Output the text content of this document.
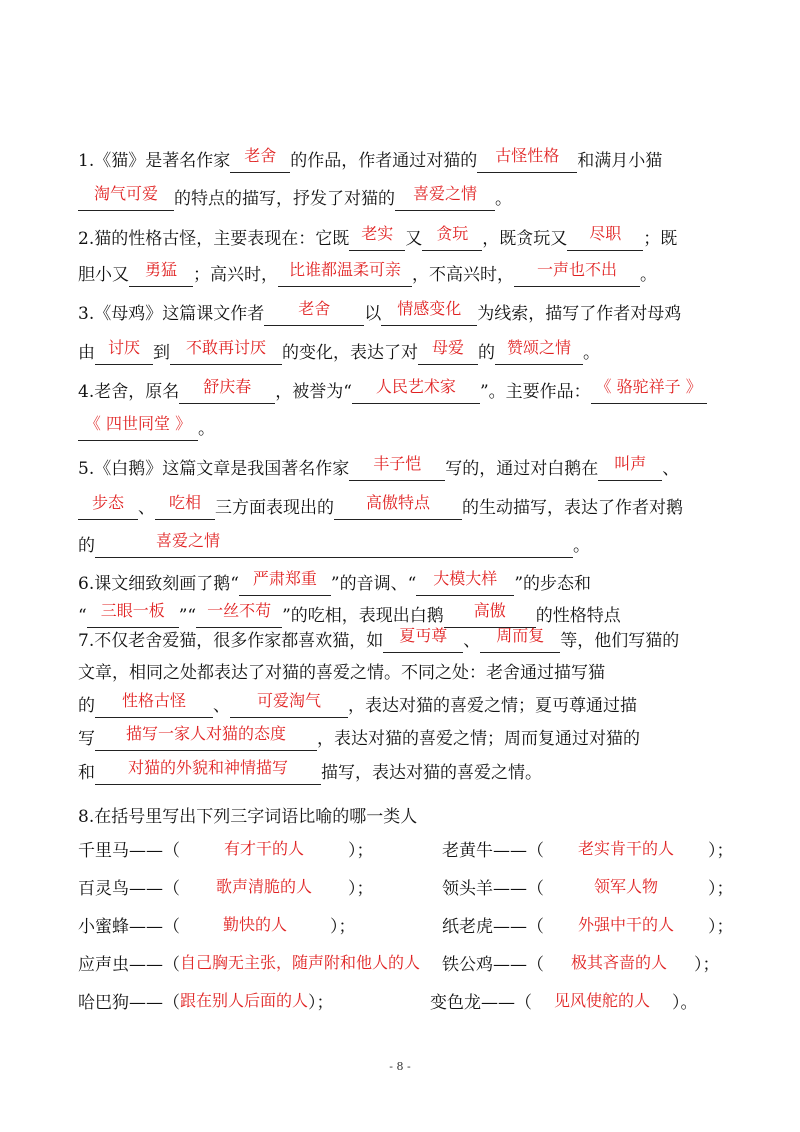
1.《猫》是著名作家 老舍 的作品，作者通过对猫的 古怪性格 和满月小猫
淘气可爱 的特点的描写，抒发了对猫的 喜爱之情 。
2.猫的性格古怪，主要表现在：它既 老实 又 贪玩 ，既贪玩又 尽职 ；既
胆小又 勇猛 ；高兴时， 比谁都温柔可亲 ，不高兴时， 一声也不出 。
3.《母鸡》这篇课文作者 老舍 以 情感变化 为线索，描写了作者对母鸡
由 讨厌 到 不敢再讨厌 的变化，表达了对 母爱 的 赞颂之情 。
4.老舍，原名 舒庆春 ，被誉为“ 人民艺术家 ”。主要作品： 《 骆驼祥子 》
《 四世同堂 》 。
5.《白鹅》这篇文章是我国著名作家 丰子恺 写的，通过对白鹅在 叫声 、
步态 、 吃相 三方面表现出的 高傲特点 的生动描写，表达了作者对鹅
的	喜爱之情	。
6.课文细致刻画了鹅“ 严肃郑重 ”的音调、“ 大模大样 ”的步态和
“ 三眼一板 ”“ 一丝不苟 ”的吃相，表现出白鹅 高傲 的性格特点
7.不仅老舍爱猫，很多作家都喜欢猫，如 夏丏尊 、 周而复 等，他们写猫的
文章，相同之处都表达了对猫的喜爱之情。不同之处：老舍通过描写猫
的 性格古怪 、 可爱淘气 ，表达对猫的喜爱之情；夏丏尊通过描
写 描写一家人对猫的态度 ，表达对猫的喜爱之情；周而复通过对猫的
和 对猫的外貌和神情描写 描写，表达对猫的喜爱之情。
8.在括号里写出下列三字词语比喻的哪一类人
千里马——（	有才干的人	）；	老黄牛——（ 老实肯干的人 ）；
百灵鸟——（ 歌声清脆的人 ）；	领头羊——（	领军人物	）；
小蜜蜂——（	勤快的人	）；	纸老虎——（ 外强中干的人 ）；
应声虫——（自己胸无主张，随声附和他人的人 铁公鸡——（ 极其吝啬的人 ）；
哈巴狗——（跟在别人后面的人）；	变色龙——（ 见风使舵的人 ）。
- 8 -
